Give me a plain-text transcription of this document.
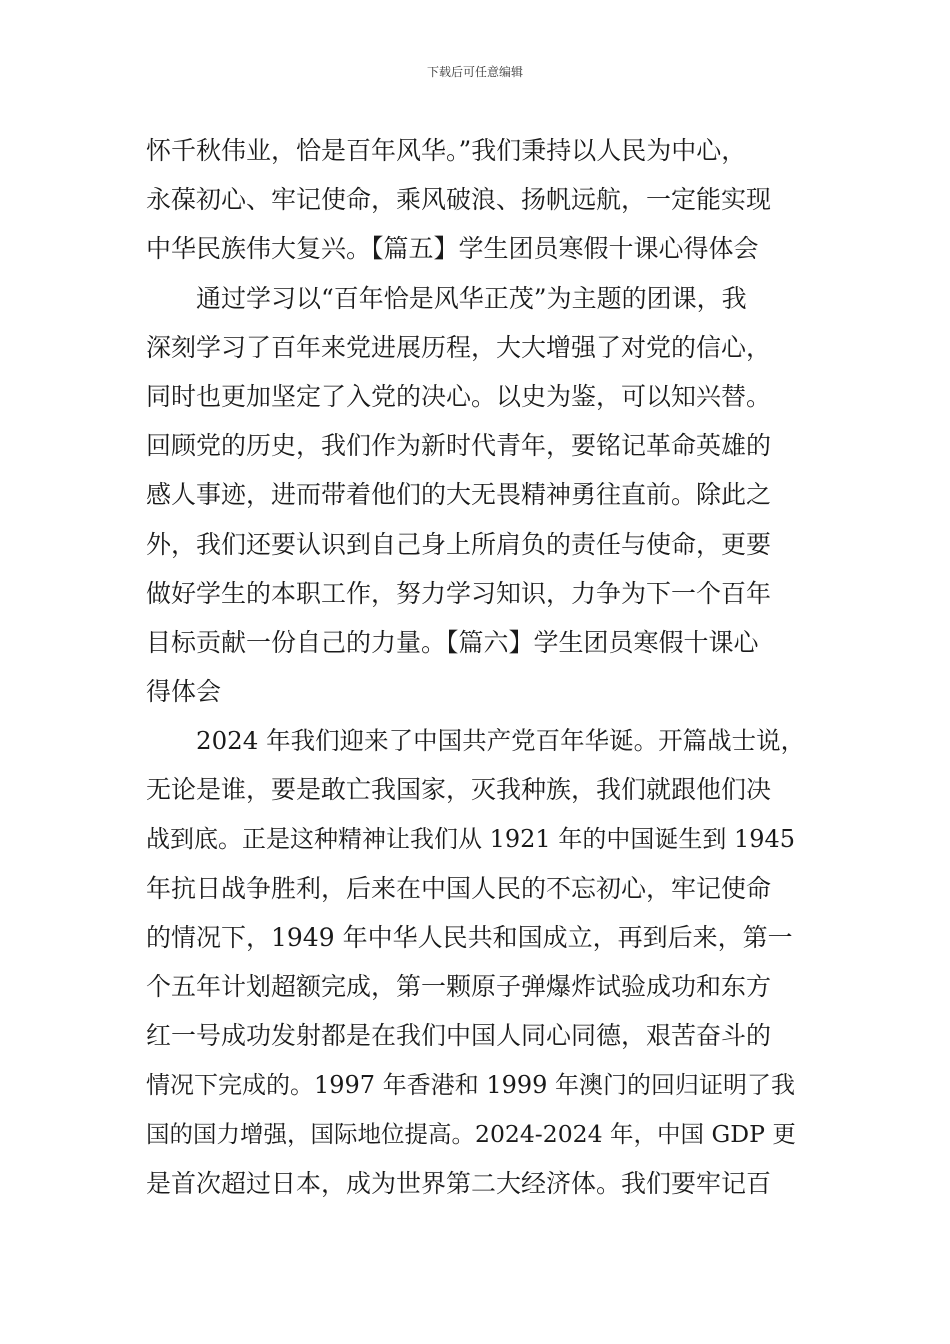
下载后可任意编辑
怀千秋伟业，恰是百年风华。”我们秉持以人民为中心，
永葆初心、牢记使命，乘风破浪、扬帆远航，一定能实现
中华民族伟大复兴。【篇五】学生团员寒假十课心得体会
通过学习以“百年恰是风华正茂”为主题的团课，我
深刻学习了百年来党进展历程，大大增强了对党的信心，
同时也更加坚定了入党的决心。以史为鉴，可以知兴替。
回顾党的历史，我们作为新时代青年，要铭记革命英雄的
感人事迹，进而带着他们的大无畏精神勇往直前。除此之
外，我们还要认识到自己身上所肩负的责任与使命，更要
做好学生的本职工作，努力学习知识，力争为下一个百年
目标贡献一份自己的力量。【篇六】学生团员寒假十课心
得体会
2024 年我们迎来了中国共产党百年华诞。开篇战士说，
无论是谁，要是敢亡我国家，灭我种族，我们就跟他们决
战到底。正是这种精神让我们从 1921 年的中国诞生到 1945
年抗日战争胜利，后来在中国人民的不忘初心，牢记使命
的情况下，1949 年中华人民共和国成立，再到后来，第一
个五年计划超额完成，第一颗原子弹爆炸试验成功和东方
红一号成功发射都是在我们中国人同心同德，艰苦奋斗的
情况下完成的。1997 年香港和 1999 年澳门的回归证明了我
国的国力增强，国际地位提高。2024-2024 年，中国 GDP 更
是首次超过日本，成为世界第二大经济体。我们要牢记百
